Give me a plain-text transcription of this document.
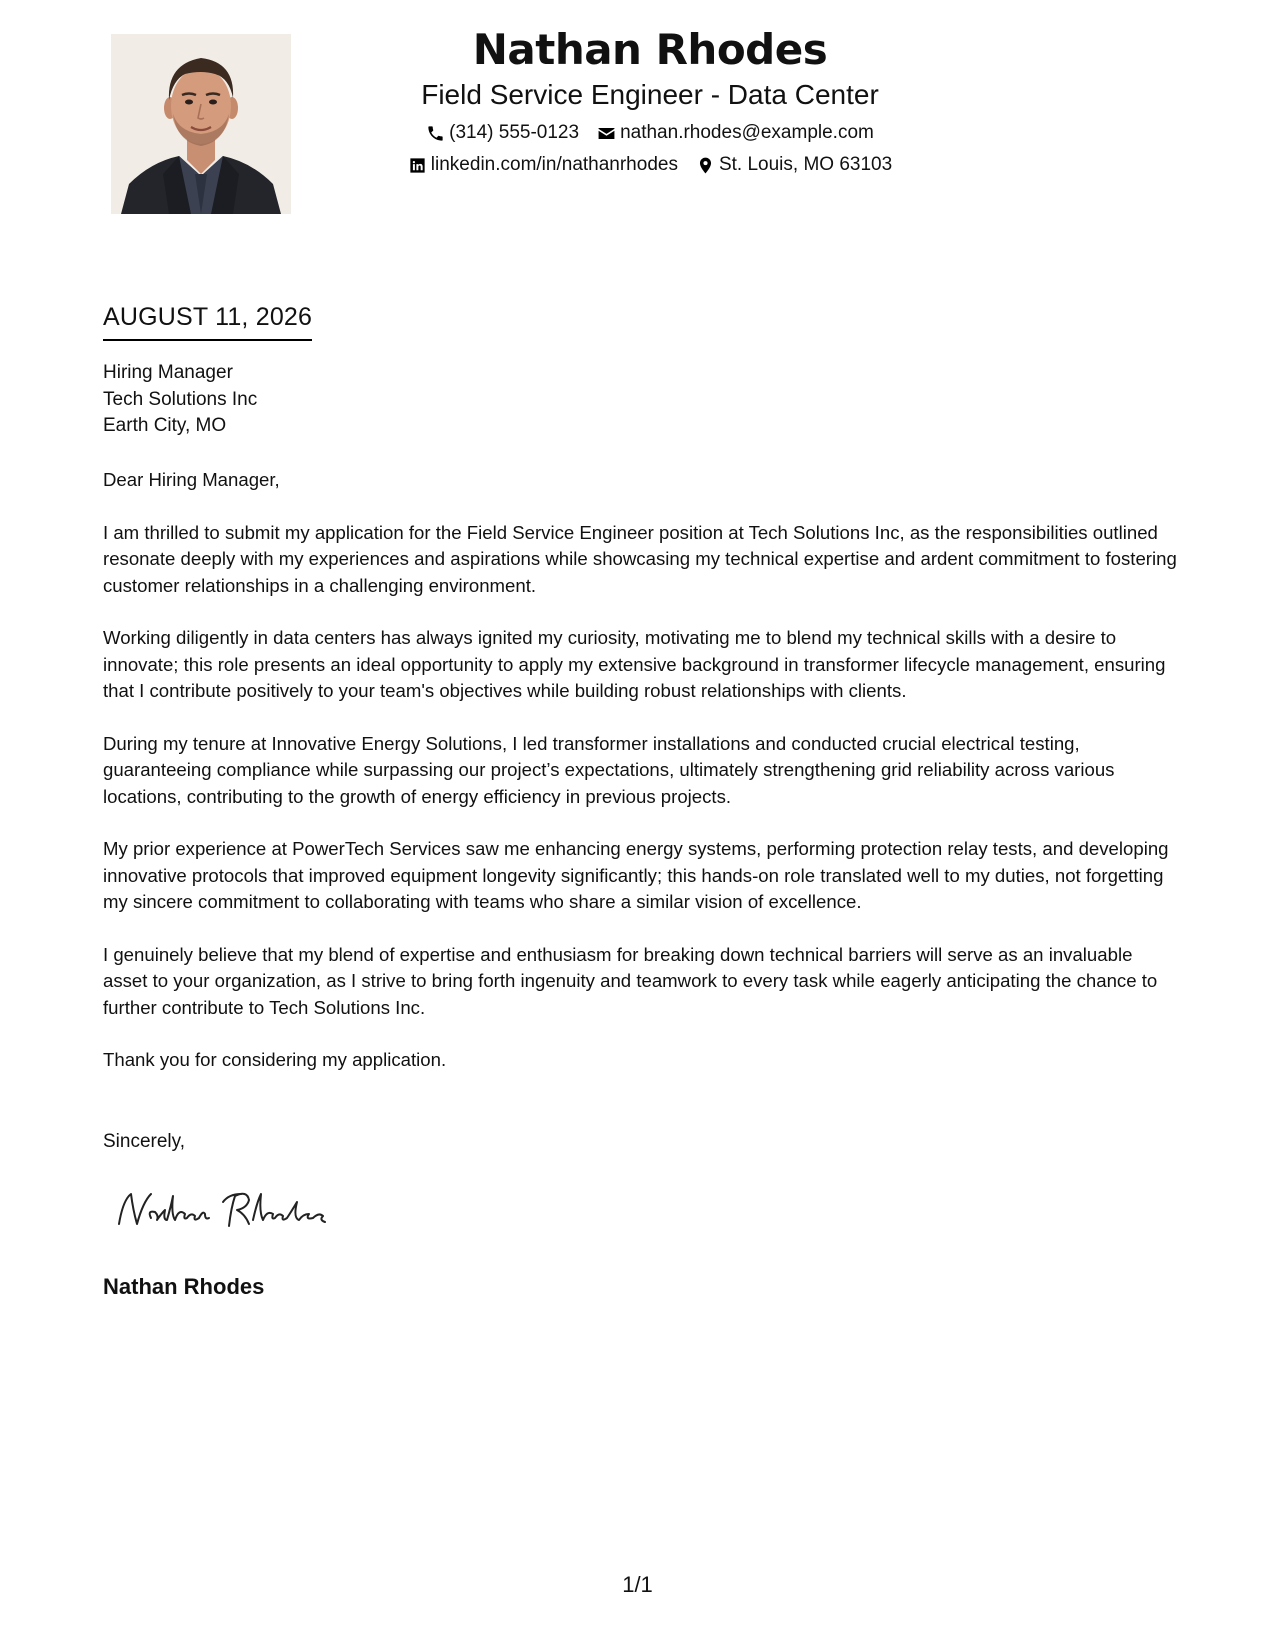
Nathan Rhodes
Field Service Engineer - Data Center
(314) 555-0123 nathan.rhodes@example.com
linkedin.com/in/nathanrhodes St. Louis, MO 63103
AUGUST 11, 2026
Hiring Manager
Tech Solutions Inc
Earth City, MO

Dear Hiring Manager,

I am thrilled to submit my application for the Field Service Engineer position at Tech Solutions Inc, as the responsibilities outlined resonate deeply with my experiences and aspirations while showcasing my technical expertise and ardent commitment to fostering customer relationships in a challenging environment.

Working diligently in data centers has always ignited my curiosity, motivating me to blend my technical skills with a desire to innovate; this role presents an ideal opportunity to apply my extensive background in transformer lifecycle management, ensuring that I contribute positively to your team's objectives while building robust relationships with clients.

During my tenure at Innovative Energy Solutions, I led transformer installations and conducted crucial electrical testing, guaranteeing compliance while surpassing our project’s expectations, ultimately strengthening grid reliability across various locations, contributing to the growth of energy efficiency in previous projects.

My prior experience at PowerTech Services saw me enhancing energy systems, performing protection relay tests, and developing innovative protocols that improved equipment longevity significantly; this hands-on role translated well to my duties, not forgetting my sincere commitment to collaborating with teams who share a similar vision of excellence.

I genuinely believe that my blend of expertise and enthusiasm for breaking down technical barriers will serve as an invaluable asset to your organization, as I strive to bring forth ingenuity and teamwork to every task while eagerly anticipating the chance to further contribute to Tech Solutions Inc.

Thank you for considering my application.

Sincerely,
Nathan Rhodes
1/1
